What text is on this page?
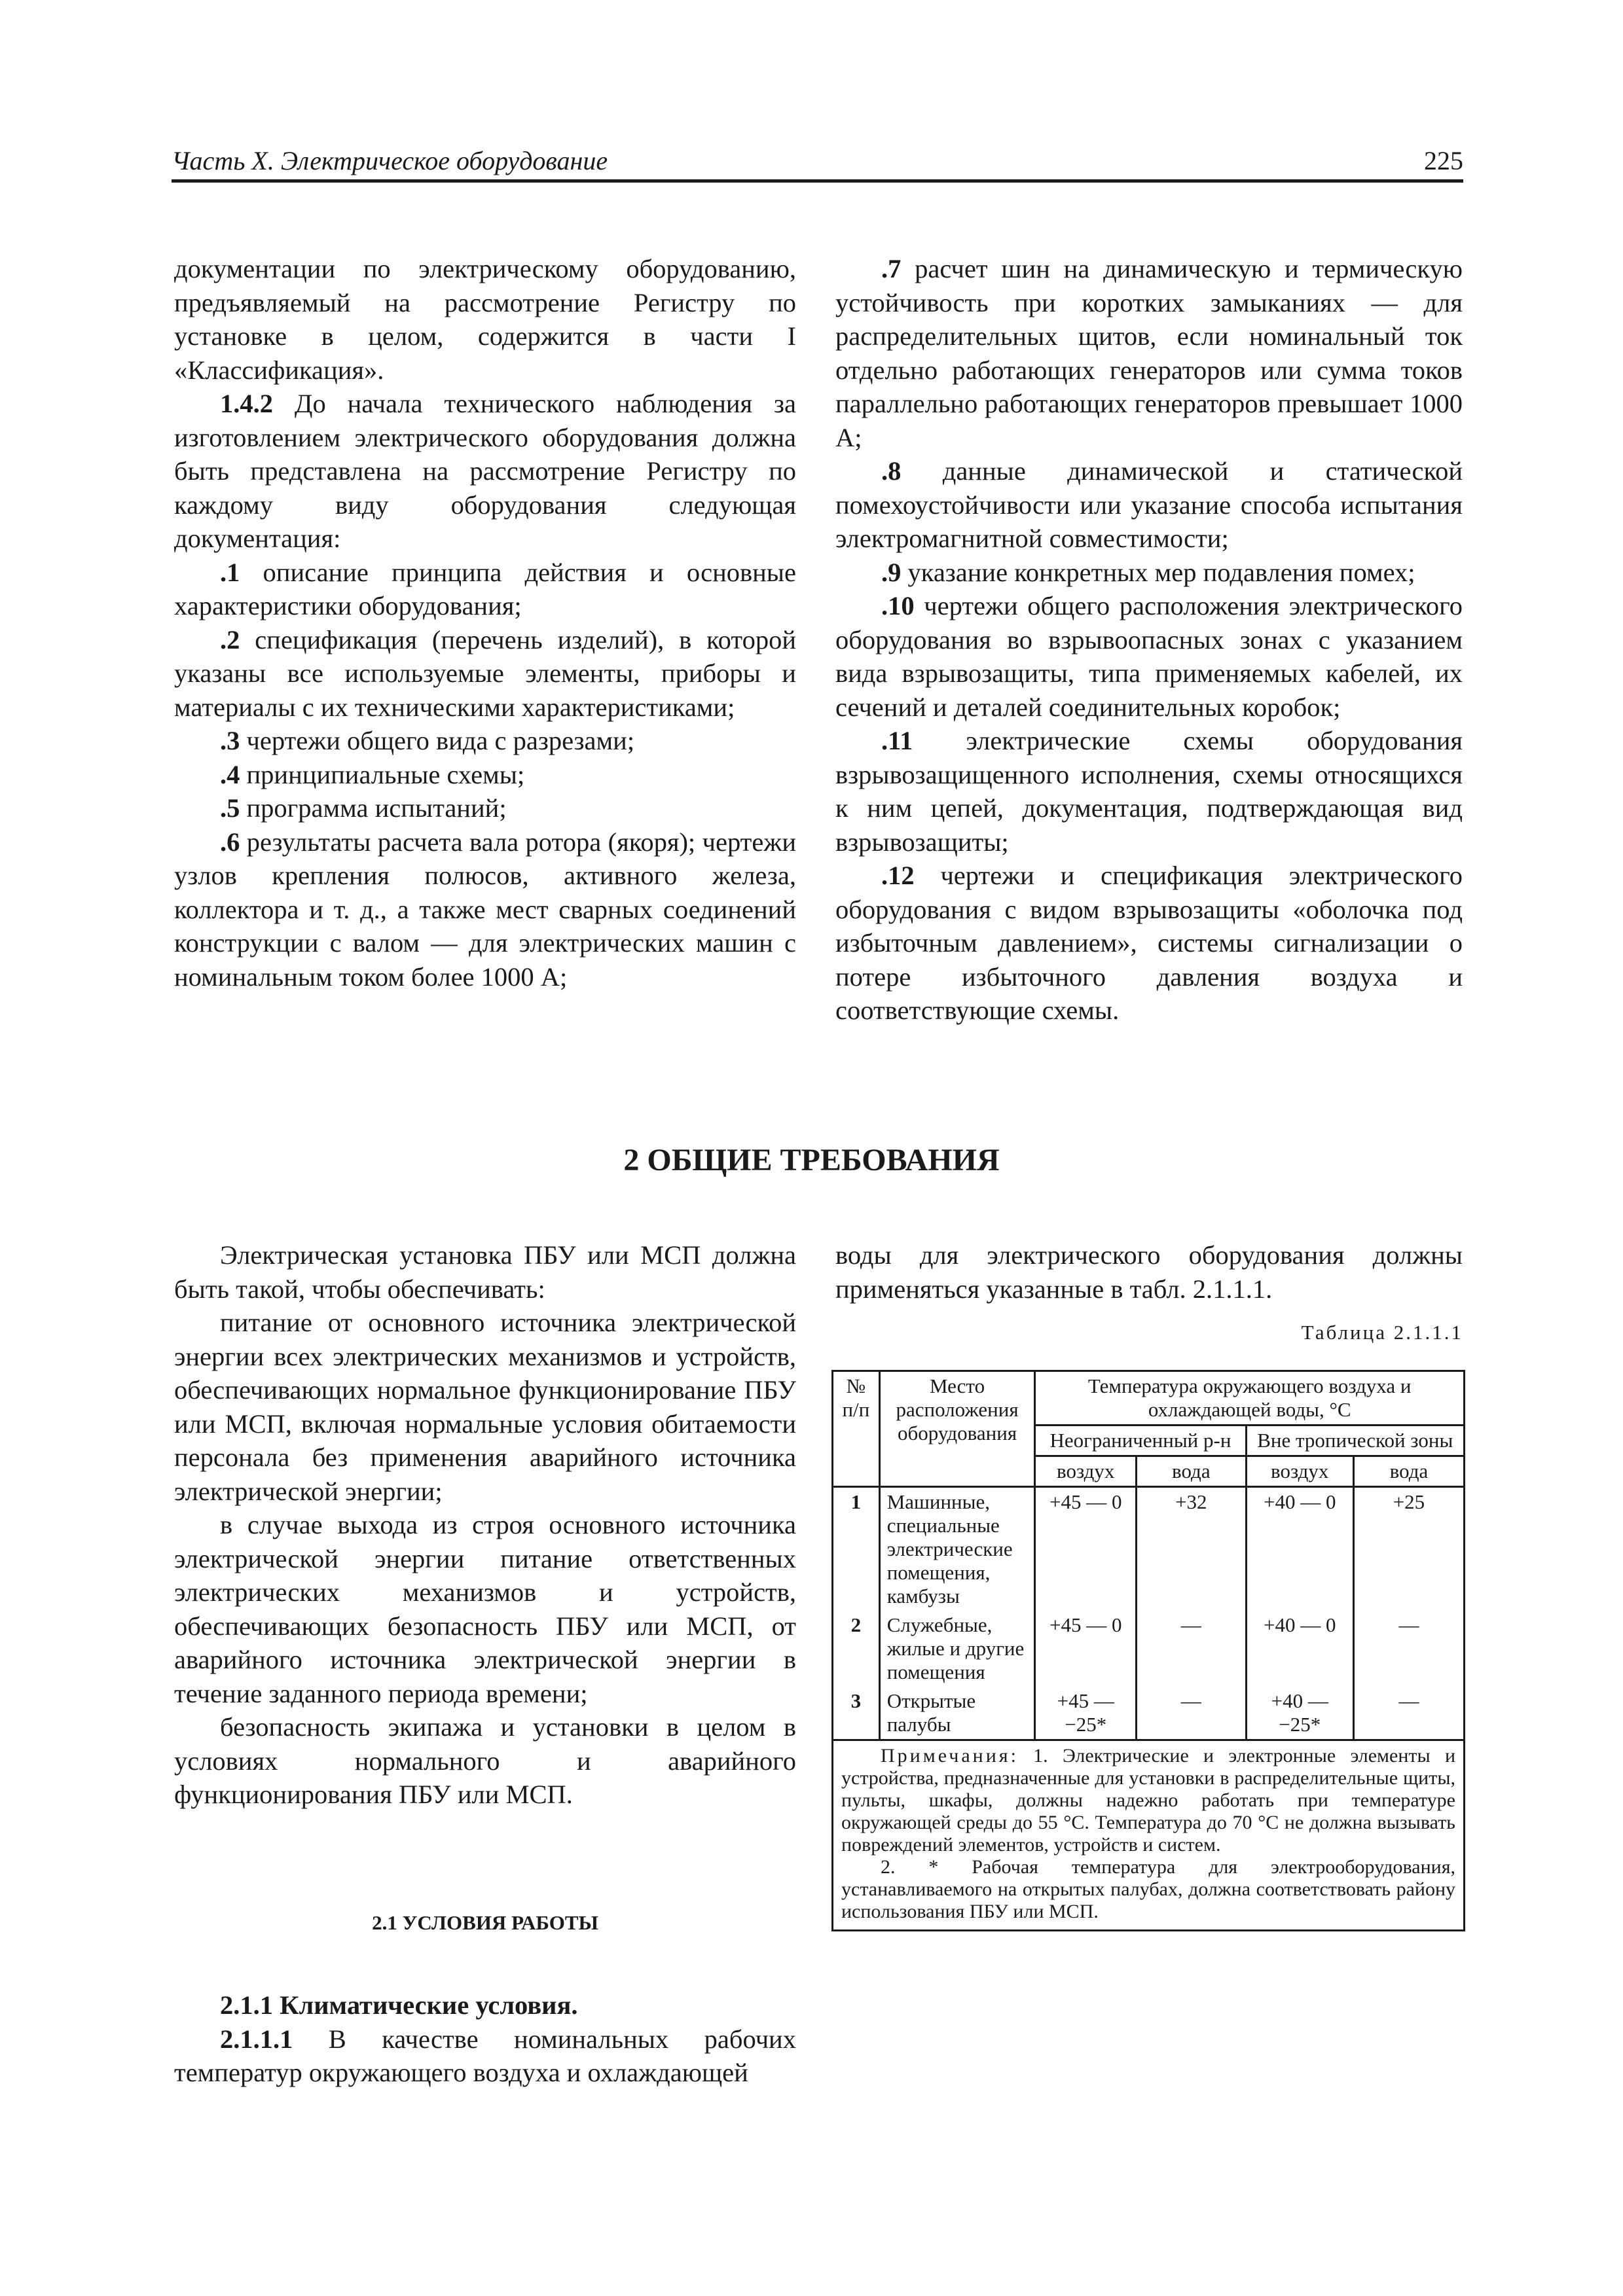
Часть X. Электрическое оборудование	225

документации по электрическому оборудованию, предъявляемый на рассмотрение Регистру по установке в целом, содержится в части I «Классификация».

1.4.2 До начала технического наблюдения за изготовлением электрического оборудования должна быть представлена на рассмотрение Регистру по каждому виду оборудования следующая документация:

.1 описание принципа действия и основные характеристики оборудования;

.2 спецификация (перечень изделий), в которой указаны все используемые элементы, приборы и материалы с их техническими характеристиками;

.3 чертежи общего вида с разрезами;

.4 принципиальные схемы;

.5 программа испытаний;

.6 результаты расчета вала ротора (якоря); чертежи узлов крепления полюсов, активного железа, коллектора и т. д., а также мест сварных соединений конструкции с валом — для электрических машин с номинальным током более 1000 А;

.7 расчет шин на динамическую и термическую устойчивость при коротких замыканиях — для распределительных щитов, если номинальный ток отдельно работающих генераторов или сумма токов параллельно работающих генераторов превышает 1000 А;

.8 данные динамической и статической помехоустойчивости или указание способа испытания электромагнитной совместимости;

.9 указание конкретных мер подавления помех;

.10 чертежи общего расположения электрического оборудования во взрывоопасных зонах с указанием вида взрывозащиты, типа применяемых кабелей, их сечений и деталей соединительных коробок;

.11 электрические схемы оборудования взрывозащищенного исполнения, схемы относящихся к ним цепей, документация, подтверждающая вид взрывозащиты;

.12 чертежи и спецификация электрического оборудования с видом взрывозащиты «оболочка под избыточным давлением», системы сигнализации о потере избыточного давления воздуха и соответствующие схемы.

2 ОБЩИЕ ТРЕБОВАНИЯ

Электрическая установка ПБУ или МСП должна быть такой, чтобы обеспечивать:

питание от основного источника электрической энергии всех электрических механизмов и устройств, обеспечивающих нормальное функционирование ПБУ или МСП, включая нормальные условия обитаемости персонала без применения аварийного источника электрической энергии;

в случае выхода из строя основного источника электрической энергии питание ответственных электрических механизмов и устройств, обеспечивающих безопасность ПБУ или МСП, от аварийного источника электрической энергии в течение заданного периода времени;

безопасность экипажа и установки в целом в условиях нормального и аварийного функционирования ПБУ или МСП.

2.1 УСЛОВИЯ РАБОТЫ

2.1.1 Климатические условия.

2.1.1.1 В качестве номинальных рабочих температур окружающего воздуха и охлаждающей

воды для электрического оборудования должны применяться указанные в табл. 2.1.1.1.

Таблица 2.1.1.1
№ п/п	Место расположения оборудования	Температура окружающего воздуха и охлаждающей воды, °С			
		Неограниченный р-н		Вне тропической зоны	
		воздух	вода	воздух	вода
1	Машинные, специальные электрические помещения, камбузы	+45 — 0	+32	+40 — 0	+25
2	Служебные, жилые и другие помещения	+45 — 0	—	+40 — 0	—
3	Открытые палубы	+45 — −25*	—	+40 — −25*	—

Примечания: 1. Электрические и электронные элементы и устройства, предназначенные для установки в распределительные щиты, пульты, шкафы, должны надежно работать при температуре окружающей среды до 55 °С. Температура до 70 °С не должна вызывать повреждений элементов, устройств и систем.

2. * Рабочая температура для электрооборудования, устанавливаемого на открытых палубах, должна соответствовать району использования ПБУ или МСП.					
